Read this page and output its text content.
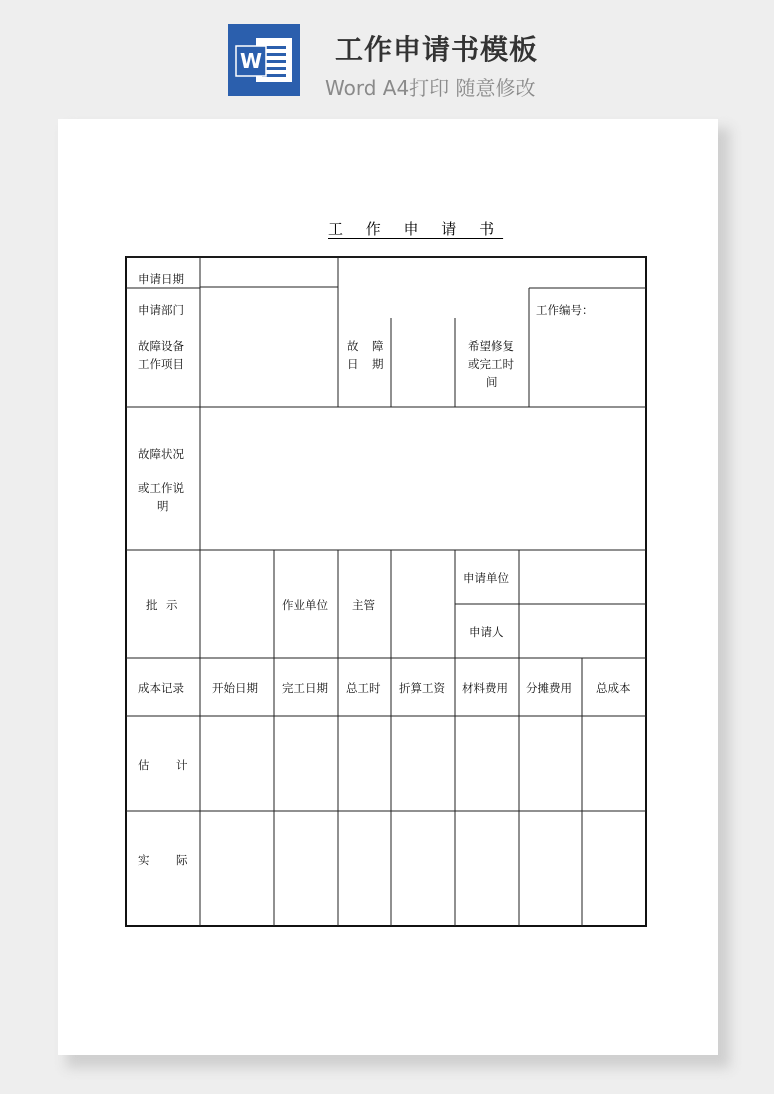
W	工作申请书模板
Word A4打印 随意修改
工 作 申 请 书
申请日期
申请部门
故障设备
工作项目
故 障
日 期
希望修复
或完工时
间
工作编号：
故障状况
或工作说
明
批 示	作业单位 主管
申请单位
申请人
成本记录 开始日期 完工日期 总工时 折算工资 材料费用 分摊费用 总成本
估 计
实 际
